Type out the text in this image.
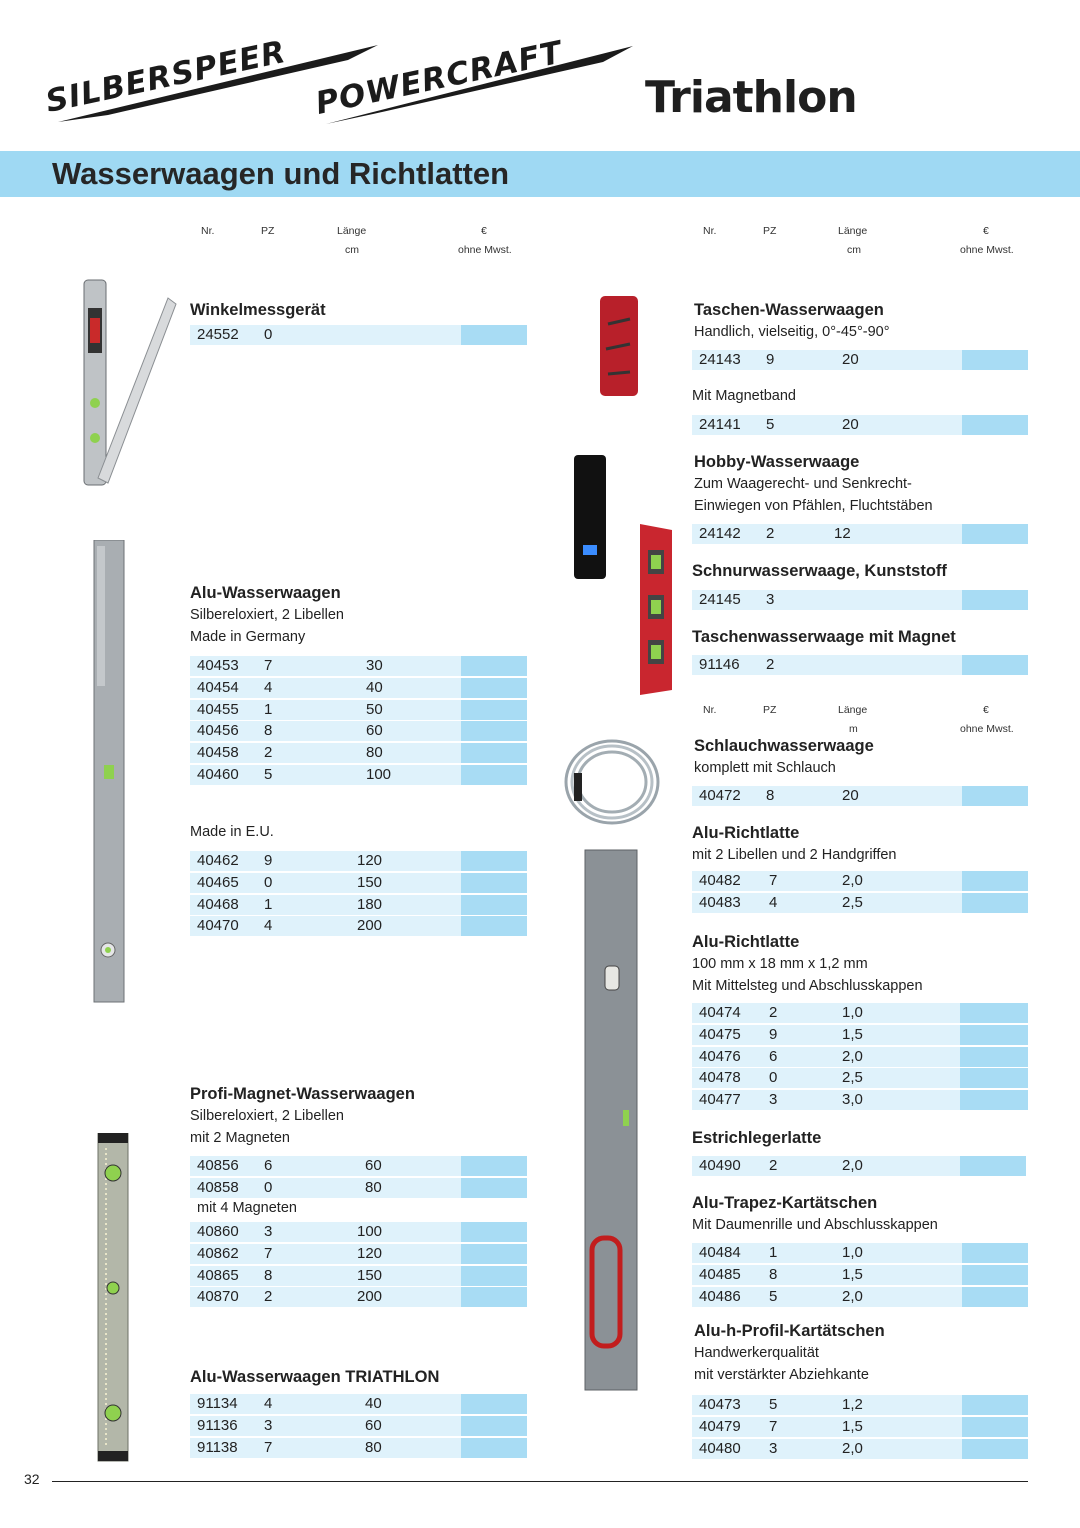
SILBERSPEER POWERCRAFT Triathlon
Wasserwaagen und Richtlatten
Nr.	PZ	Länge
cm
€
ohne Mwst.
Nr.	PZ	Länge
cm
€
ohne Mwst.
Nr.	PZ	Länge
m
€
ohne Mwst.
Winkelmessgerät
24552 0
Alu-Wasserwaagen
Silbereloxiert, 2 Libellen
Made in Germany
40453 7	30
40454 4	40
40455 1	50
40456 8	60
40458 2	80
40460 5	100
Made in E.U.
40462 9	120
40465 0	150
40468 1	180
40470 4	200
Profi-Magnet-Wasserwaagen
Silbereloxiert, 2 Libellen
mit 2 Magneten
40856 6	60
40858 0	80
mit 4 Magneten
40860 3	100
40862 7	120
40865 8	150
40870 2	200
Alu-Wasserwaagen TRIATHLON
91134 4	40
91136 3	60
91138 7	80
Taschen-Wasserwaagen
Handlich, vielseitig, 0°-45°-90°
24143 9	20
Mit Magnetband
24141 5	20
Hobby-Wasserwaage
Zum Waagerecht- und Senkrecht-
Einwiegen von Pfählen, Fluchtstäben
24142 2	12
Schnurwasserwaage, Kunststoff
24145 3
Taschenwasserwaage mit Magnet
91146 2
Schlauchwasserwaage
komplett mit Schlauch
40472 8	20
Alu-Richtlatte
mit 2 Libellen und 2 Handgriffen
40482 7	2,0
40483 4	2,5
Alu-Richtlatte
100 mm x 18 mm x 1,2 mm
Mit Mittelsteg und Abschlusskappen
40474 2	1,0
40475 9	1,5
40476 6	2,0
40478 0	2,5
40477 3	3,0
Estrichlegerlatte
40490 2	2,0
Alu-Trapez-Kartätschen
Mit Daumenrille und Abschlusskappen
40484 1	1,0
40485 8	1,5
40486 5	2,0
Alu-h-Profil-Kartätschen
Handwerkerqualität
mit verstärkter Abziehkante
40473 5	1,2
40479 7	1,5
40480 3	2,0
32
